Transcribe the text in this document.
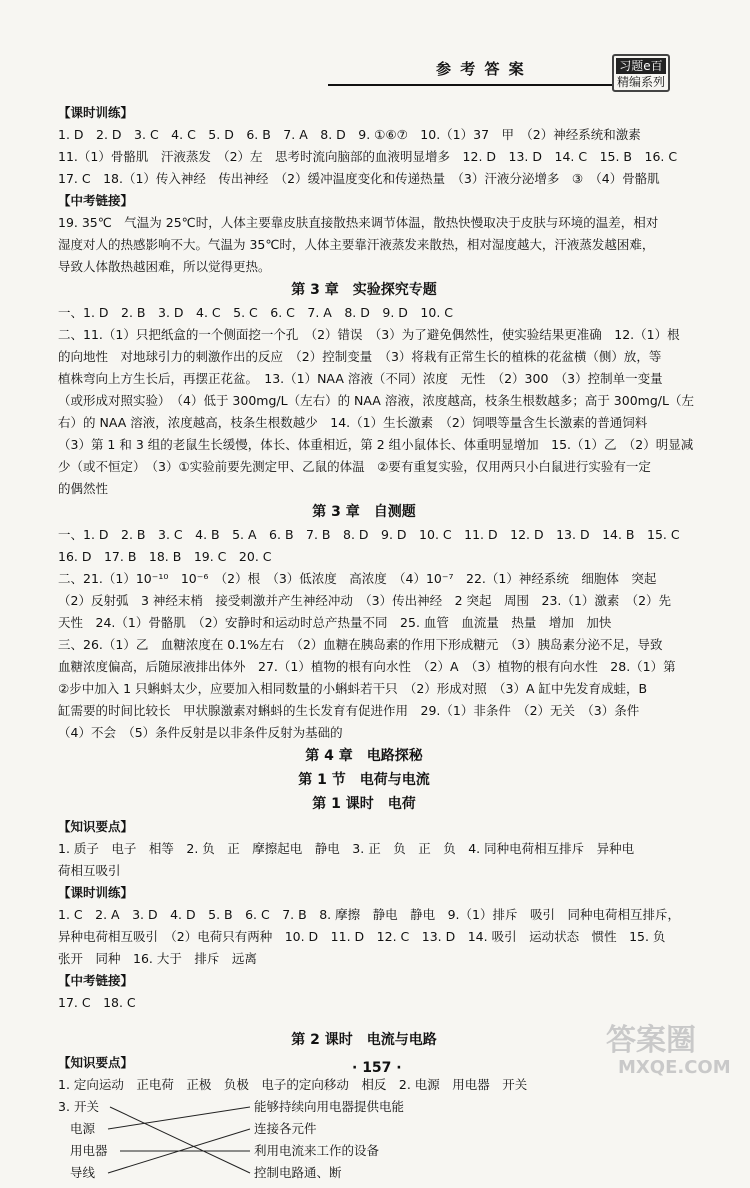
参 考 答 案	习题e百
精编系列
【课时训练】
1. D　2. D　3. C　4. C　5. D　6. B　7. A　8. D　9. ①⑥⑦　10.（1）37　甲　（2）神经系统和激素
11.（1）骨骼肌　汗液蒸发　（2）左　思考时流向脑部的血液明显增多　12. D　13. D　14. C　15. B　16. C
17. C　18.（1）传入神经　传出神经　（2）缓冲温度变化和传递热量　（3）汗液分泌增多　③　（4）骨骼肌
【中考链接】
19. 35℃　气温为 25℃时，人体主要靠皮肤直接散热来调节体温，散热快慢取决于皮肤与环境的温差，相对
湿度对人的热感影响不大。气温为 35℃时，人体主要靠汗液蒸发来散热，相对湿度越大，汗液蒸发越困难，
导致人体散热越困难，所以觉得更热。
第 3 章　实验探究专题
一、1. D　2. B　3. D　4. C　5. C　6. C　7. A　8. D　9. D　10. C
二、11.（1）只把纸盒的一个侧面挖一个孔　（2）错误　（3）为了避免偶然性，使实验结果更准确　12.（1）根
的向地性　对地球引力的刺激作出的反应　（2）控制变量　（3）将栽有正常生长的植株的花盆横（侧）放，等
植株弯向上方生长后，再摆正花盆。　13.（1）NAA 溶液（不同）浓度　无性　（2）300　（3）控制单一变量
（或形成对照实验）　（4）低于 300mg/L（左右）的 NAA 溶液，浓度越高，枝条生根数越多；高于 300mg/L（左
右）的 NAA 溶液，浓度越高，枝条生根数越少　14.（1）生长激素　（2）饲喂等量含生长激素的普通饲料
（3）第 1 和 3 组的老鼠生长缓慢，体长、体重相近，第 2 组小鼠体长、体重明显增加　15.（1）乙　（2）明显减
少（或不恒定）　（3）①实验前要先测定甲、乙鼠的体温　②要有重复实验，仅用两只小白鼠进行实验有一定
的偶然性
第 3 章　自测题
一、1. D　2. B　3. C　4. B　5. A　6. B　7. B　8. D　9. D　10. C　11. D　12. D　13. D　14. B　15. C
16. D　17. B　18. B　19. C　20. C
二、21.（1）10⁻¹⁰　10⁻⁶　（2）根　（3）低浓度　高浓度　（4）10⁻⁷　22.（1）神经系统　细胞体　突起
（2）反射弧　3 神经末梢　接受刺激并产生神经冲动　（3）传出神经　2 突起　周围　23.（1）激素　（2）先
天性　24.（1）骨骼肌　（2）安静时和运动时总产热量不同　25. 血管　血流量　热量　增加　加快
三、26.（1）乙　血糖浓度在 0.1%左右　（2）血糖在胰岛素的作用下形成糖元　（3）胰岛素分泌不足，导致
血糖浓度偏高，后随尿液排出体外　27.（1）植物的根有向水性　（2）A　（3）植物的根有向水性　28.（1）第
②步中加入 1 只蝌蚪太少，应要加入相同数量的小蝌蚪若干只　（2）形成对照　（3）A 缸中先发育成蛙，B
缸需要的时间比较长　甲状腺激素对蝌蚪的生长发育有促进作用　29.（1）非条件　（2）无关　（3）条件
（4）不会　（5）条件反射是以非条件反射为基础的
第 4 章　电路探秘
第 1 节　电荷与电流
第 1 课时　电荷
【知识要点】
1. 质子　电子　相等　2. 负　正　摩擦起电　静电　3. 正　负　正　负　4. 同种电荷相互排斥　异种电
荷相互吸引
【课时训练】
1. C　2. A　3. D　4. D　5. B　6. C　7. B　8. 摩擦　静电　静电　9.（1）排斥　吸引　同种电荷相互排斥，
异种电荷相互吸引　（2）电荷只有两种　10. D　11. D　12. C　13. D　14. 吸引　运动状态　惯性　15. 负
张开　同种　16. 大于　排斥　远离
【中考链接】
17. C　18. C
第 2 课时　电流与电路
【知识要点】
1. 定向运动　正电荷　正极　负极　电子的定向移动　相反　2. 电源　用电器　开关
3. 开关
电源
用电器
导线
能够持续向用电器提供电能
连接各元件
利用电流来工作的设备
控制电路通、断
· 157 ·
答案圈
MXQE.COM
